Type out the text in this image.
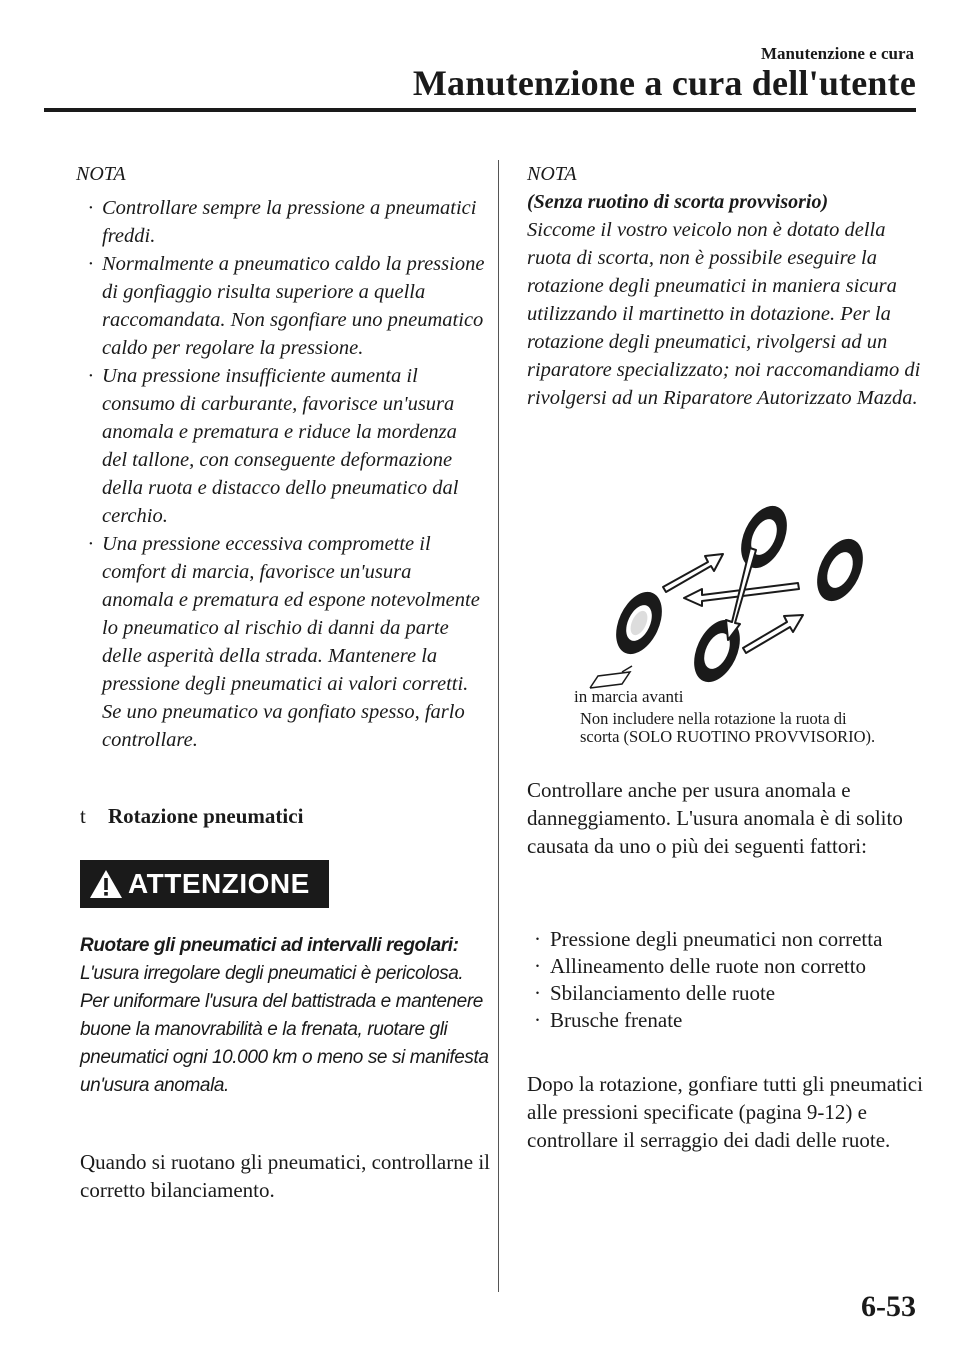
Manutenzione e cura
Manutenzione a cura dell'utente

NOTA

· Controllare sempre la pressione a pneumatici freddi.
· Normalmente a pneumatico caldo la pressione di gonfiaggio risulta superiore a quella raccomandata. Non sgonfiare uno pneumatico caldo per regolare la pressione.
· Una pressione insufficiente aumenta il consumo di carburante, favorisce un'usura anomala e prematura e riduce la mordenza del tallone, con conseguente deformazione della ruota e distacco dello pneumatico dal cerchio.
· Una pressione eccessiva compromette il comfort di marcia, favorisce un'usura anomala e prematura ed espone notevolmente lo pneumatico al rischio di danni da parte delle asperità della strada. Mantenere la pressione degli pneumatici ai valori corretti. Se uno pneumatico va gonfiato spesso, farlo controllare.
t Rotazione pneumatici
ATTENZIONE
Ruotare gli pneumatici ad intervalli regolari:
L'usura irregolare degli pneumatici è pericolosa. Per uniformare l'usura del battistrada e mantenere buone la manovrabilità e la frenata, ruotare gli pneumatici ogni 10.000 km o meno se si manifesta un'usura anomala.
Quando si ruotano gli pneumatici, controllarne il corretto bilanciamento.
NOTA
(Senza ruotino di scorta provvisorio)

Siccome il vostro veicolo non è dotato della ruota di scorta, non è possibile eseguire la rotazione degli pneumatici in maniera sicura utilizzando il martinetto in dotazione. Per la rotazione degli pneumatici, rivolgersi ad un riparatore specializzato; noi raccomandiamo di rivolgersi ad un Riparatore Autorizzato Mazda.

in marcia avanti
Non includere nella rotazione la ruota di scorta (SOLO RUOTINO PROVVISORIO).
Controllare anche per usura anomala e danneggiamento. L'usura anomala è di solito causata da uno o più dei seguenti fattori:
· Pressione degli pneumatici non corretta
· Allineamento delle ruote non corretto
· Sbilanciamento delle ruote
· Brusche frenate
Dopo la rotazione, gonfiare tutti gli pneumatici alle pressioni specificate (pagina 9-12) e controllare il serraggio dei dadi delle ruote.
6-53
